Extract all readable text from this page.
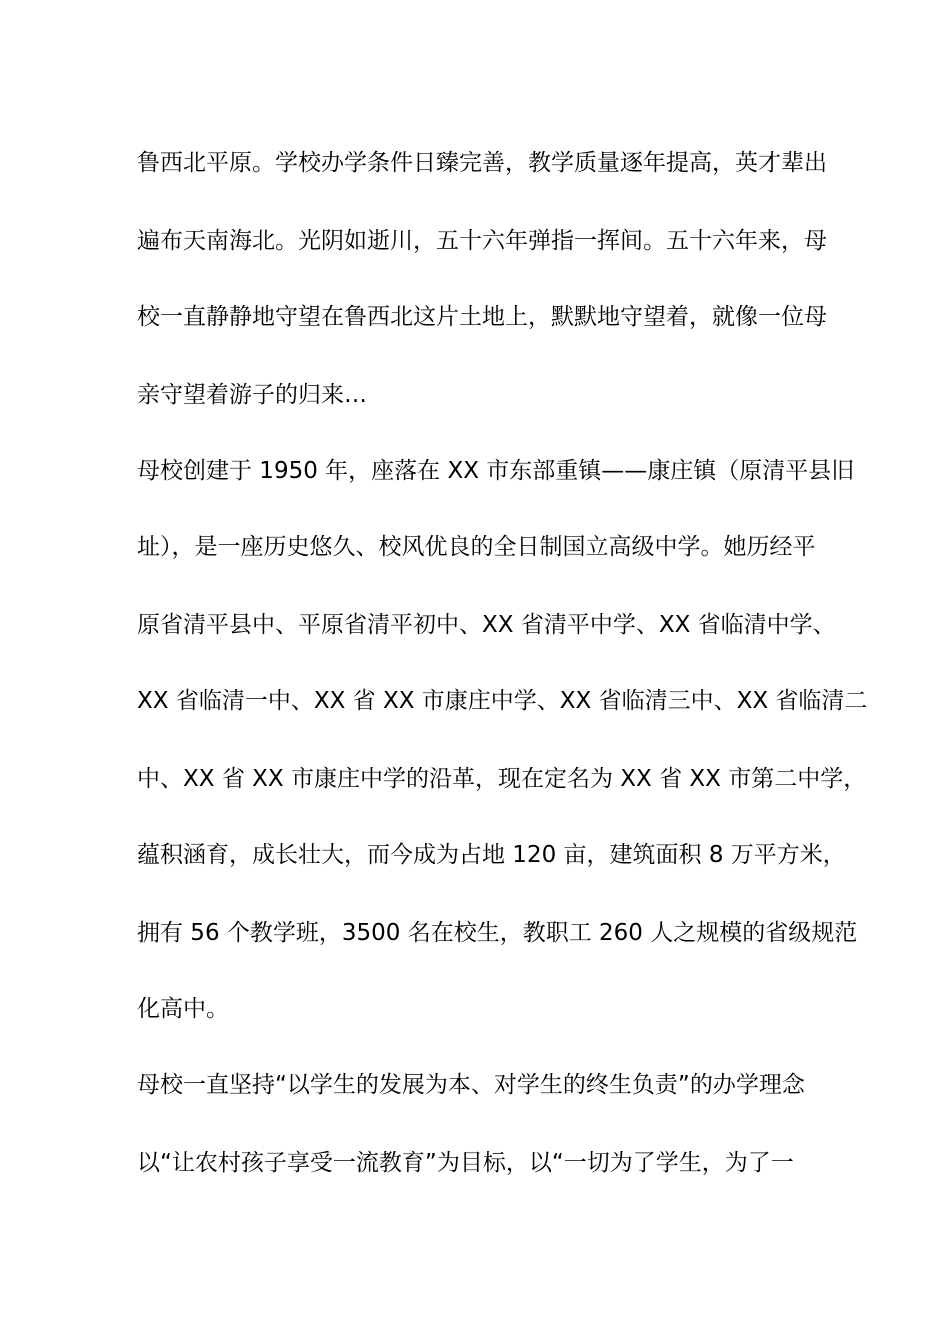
鲁西北平原。学校办学条件日臻完善，教学质量逐年提高，英才辈出
遍布天南海北。光阴如逝川，五十六年弹指一挥间。五十六年来，母
校一直静静地守望在鲁西北这片土地上，默默地守望着，就像一位母
亲守望着游子的归来…
母校创建于 1950 年，座落在 XX 市东部重镇——康庄镇（原清平县旧
址），是一座历史悠久、校风优良的全日制国立高级中学。她历经平
原省清平县中、平原省清平初中、XX 省清平中学、XX 省临清中学、
XX 省临清一中、XX 省 XX 市康庄中学、XX 省临清三中、XX 省临清二
中、XX 省 XX 市康庄中学的沿革，现在定名为 XX 省 XX 市第二中学，
蕴积涵育，成长壮大，而今成为占地 120 亩，建筑面积 8 万平方米，
拥有 56 个教学班，3500 名在校生，教职工 260 人之规模的省级规范
化高中。
母校一直坚持“以学生的发展为本、对学生的终生负责”的办学理念
以“让农村孩子享受一流教育”为目标，以“一切为了学生，为了一
